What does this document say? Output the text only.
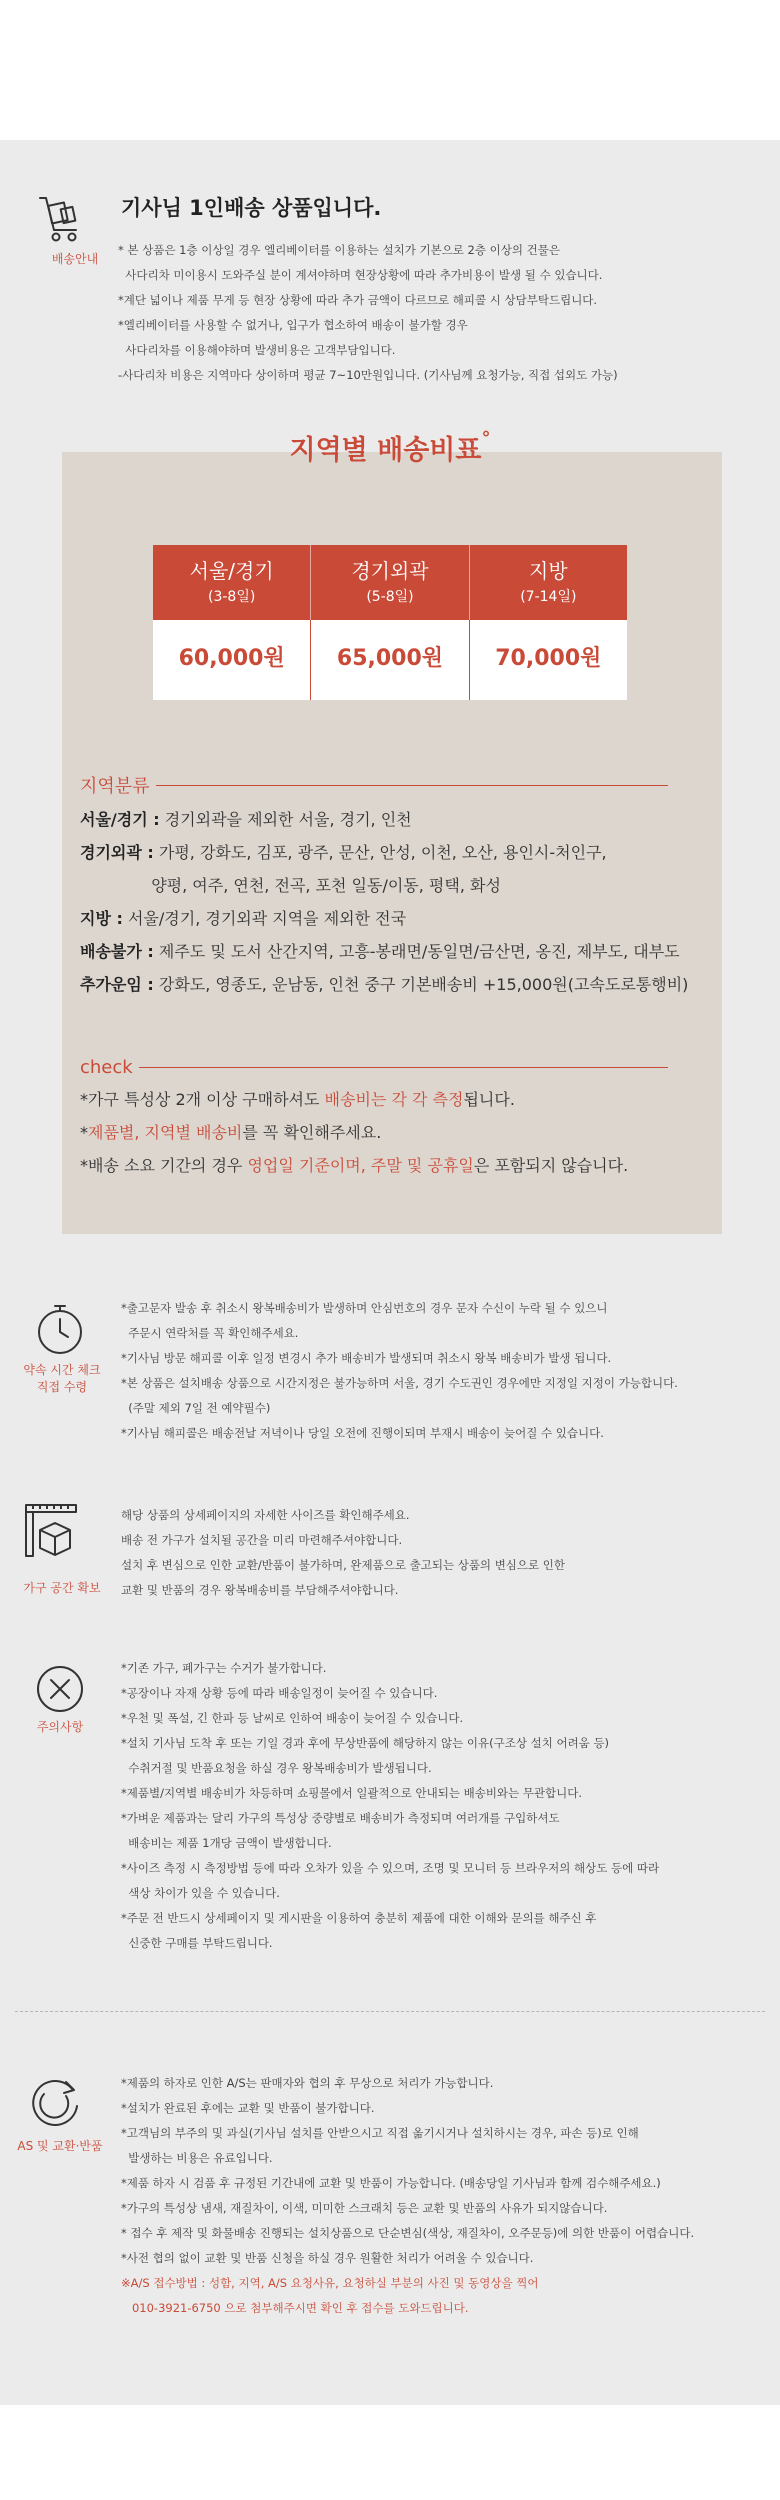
배송안내
기사님 1인배송 상품입니다.

* 본 상품은 1층 이상일 경우 엘리베이터를 이용하는 설치가 기본으로 2층 이상의 건물은

사다리차 미이용시 도와주실 분이 계셔야하며 현장상황에 따라 추가비용이 발생 될 수 있습니다.

*계단 넓이나 제품 무게 등 현장 상황에 따라 추가 금액이 다르므로 해피콜 시 상담부탁드립니다.

*엘리베이터를 사용할 수 없거나, 입구가 협소하여 배송이 불가할 경우

사다리차를 이용해야하며 발생비용은 고객부담입니다.

-사다리차 비용은 지역마다 상이하며 평균 7~10만원입니다. (기사님께 요청가능, 직접 섭외도 가능)

지역별 배송비표°
서울/경기
(3-8일)
경기외곽
(5-8일)
지방
(7-14일)
60,000원	65,000원	70,000원
지역분류

서울/경기 : 경기외곽을 제외한 서울, 경기, 인천

경기외곽 : 가평, 강화도, 김포, 광주, 문산, 안성, 이천, 오산, 용인시-처인구,

양평, 여주, 연천, 전곡, 포천 일동/이동, 평택, 화성

지방 : 서울/경기, 경기외곽 지역을 제외한 전국

배송불가 : 제주도 및 도서 산간지역, 고흥-봉래면/동일면/금산면, 옹진, 제부도, 대부도

추가운임 : 강화도, 영종도, 운남동, 인천 중구 기본배송비 +15,000원(고속도로통행비)

check

*가구 특성상 2개 이상 구매하셔도 배송비는 각 각 측정됩니다.

*제품별, 지역별 배송비를 꼭 확인해주세요.

*배송 소요 기간의 경우 영업일 기준이며, 주말 및 공휴일은 포함되지 않습니다.

약속 시간 체크
직접 수령

*출고문자 발송 후 취소시 왕복배송비가 발생하며 안심번호의 경우 문자 수신이 누락 될 수 있으니

주문시 연락처를 꼭 확인해주세요.

*기사님 방문 해피콜 이후 일정 변경시 추가 배송비가 발생되며 취소시 왕복 배송비가 발생 됩니다.

*본 상품은 설치배송 상품으로 시간지정은 불가능하며 서울, 경기 수도권인 경우에만 지정일 지정이 가능합니다.

(주말 제외 7일 전 예약필수)

*기사님 해피콜은 배송전날 저녁이나 당일 오전에 진행이되며 부재시 배송이 늦어질 수 있습니다.

가구 공간 확보

해당 상품의 상세페이지의 자세한 사이즈를 확인해주세요.

배송 전 가구가 설치될 공간을 미리 마련해주셔야합니다.

설치 후 변심으로 인한 교환/반품이 불가하며, 완제품으로 출고되는 상품의 변심으로 인한

교환 및 반품의 경우 왕복배송비를 부담해주셔야합니다.

주의사항

*기존 가구, 폐가구는 수거가 불가합니다.

*공장이나 자재 상황 등에 따라 배송일정이 늦어질 수 있습니다.

*우천 및 폭설, 긴 한파 등 날씨로 인하여 배송이 늦어질 수 있습니다.

*설치 기사님 도착 후 또는 기일 경과 후에 무상반품에 해당하지 않는 이유(구조상 설치 어려움 등)

수취거절 및 반품요청을 하실 경우 왕복배송비가 발생됩니다.

*제품별/지역별 배송비가 차등하며 쇼핑몰에서 일괄적으로 안내되는 배송비와는 무관합니다.

*가벼운 제품과는 달리 가구의 특성상 중량별로 배송비가 측정되며 여러개를 구입하셔도

배송비는 제품 1개당 금액이 발생합니다.

*사이즈 측정 시 측정방법 등에 따라 오차가 있을 수 있으며, 조명 및 모니터 등 브라우저의 해상도 등에 따라

색상 차이가 있을 수 있습니다.

*주문 전 반드시 상세페이지 및 게시판을 이용하여 충분히 제품에 대한 이해와 문의를 해주신 후

신중한 구매를 부탁드립니다.

AS 및 교환·반품

*제품의 하자로 인한 A/S는 판매자와 협의 후 무상으로 처리가 가능합니다.

*설치가 완료된 후에는 교환 및 반품이 불가합니다.

*고객님의 부주의 및 과실(기사님 설치를 안받으시고 직접 옮기시거나 설치하시는 경우, 파손 등)로 인해

발생하는 비용은 유료입니다.

*제품 하자 시 검품 후 규정된 기간내에 교환 및 반품이 가능합니다. (배송당일 기사님과 함께 검수해주세요.)

*가구의 특성상 냄새, 재질차이, 이색, 미미한 스크래치 등은 교환 및 반품의 사유가 되지않습니다.

* 접수 후 제작 및 화물배송 진행되는 설치상품으로 단순변심(색상, 재질차이, 오주문등)에 의한 반품이 어렵습니다.

*사전 협의 없이 교환 및 반품 신청을 하실 경우 원활한 처리가 어려울 수 있습니다.

※A/S 접수방법 : 성함, 지역, A/S 요청사유, 요청하실 부분의 사진 및 동영상을 찍어

010-3921-6750 으로 첨부해주시면 확인 후 접수를 도와드립니다.
